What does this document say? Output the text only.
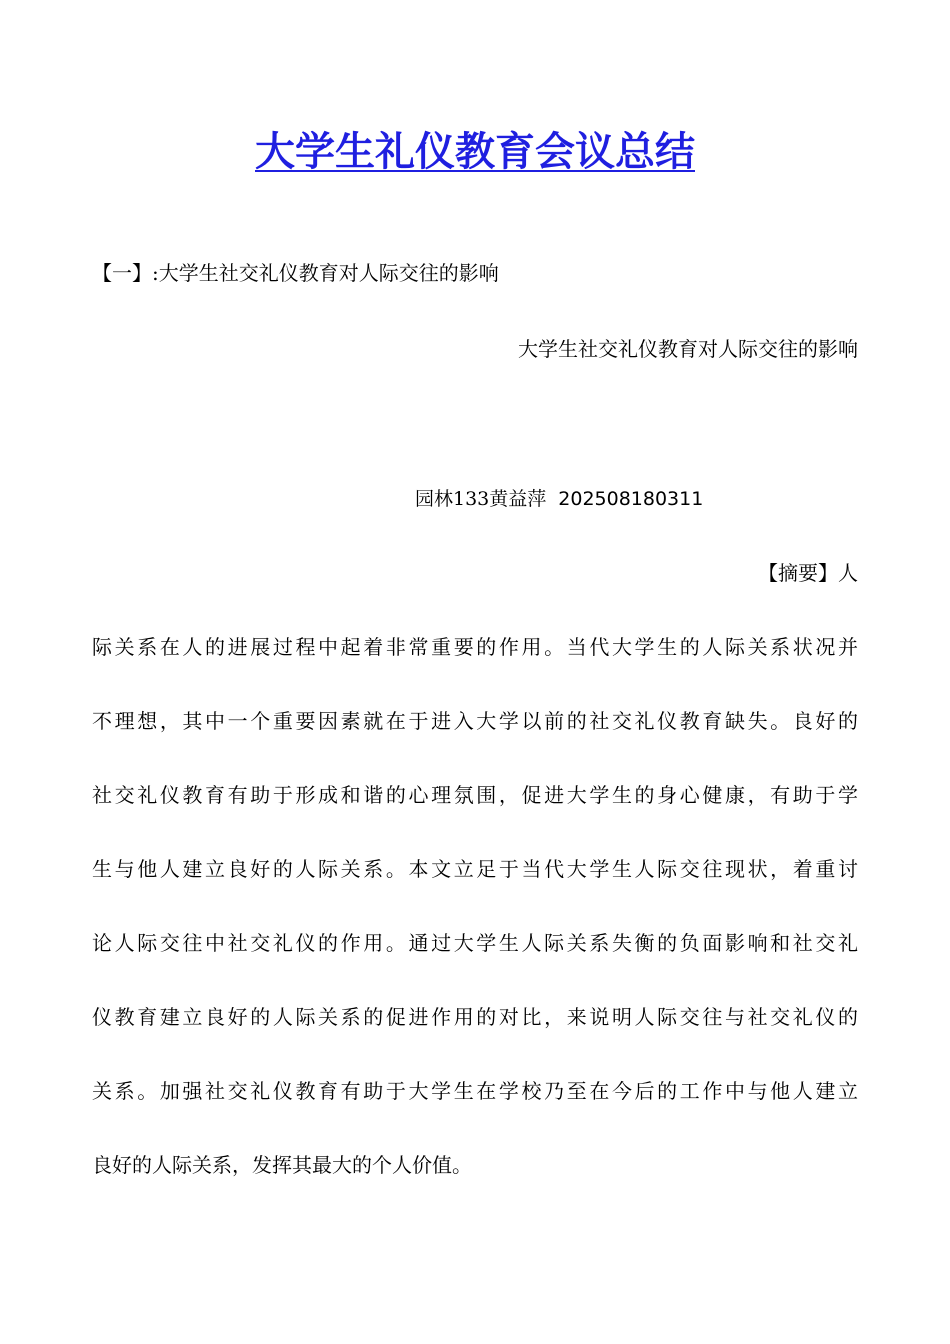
大学生礼仪教育会议总结
【一】:大学生社交礼仪教育对人际交往的影响
大学生社交礼仪教育对人际交往的影响
园林133黄益萍 202508180311
【摘要】人
际关系在人的进展过程中起着非常重要的作用。当代大学生的人际关系状况并
不理想，其中一个重要因素就在于进入大学以前的社交礼仪教育缺失。良好的
社交礼仪教育有助于形成和谐的心理氛围，促进大学生的身心健康，有助于学
生与他人建立良好的人际关系。本文立足于当代大学生人际交往现状，着重讨
论人际交往中社交礼仪的作用。通过大学生人际关系失衡的负面影响和社交礼
仪教育建立良好的人际关系的促进作用的对比，来说明人际交往与社交礼仪的
关系。加强社交礼仪教育有助于大学生在学校乃至在今后的工作中与他人建立
良好的人际关系，发挥其最大的个人价值。
